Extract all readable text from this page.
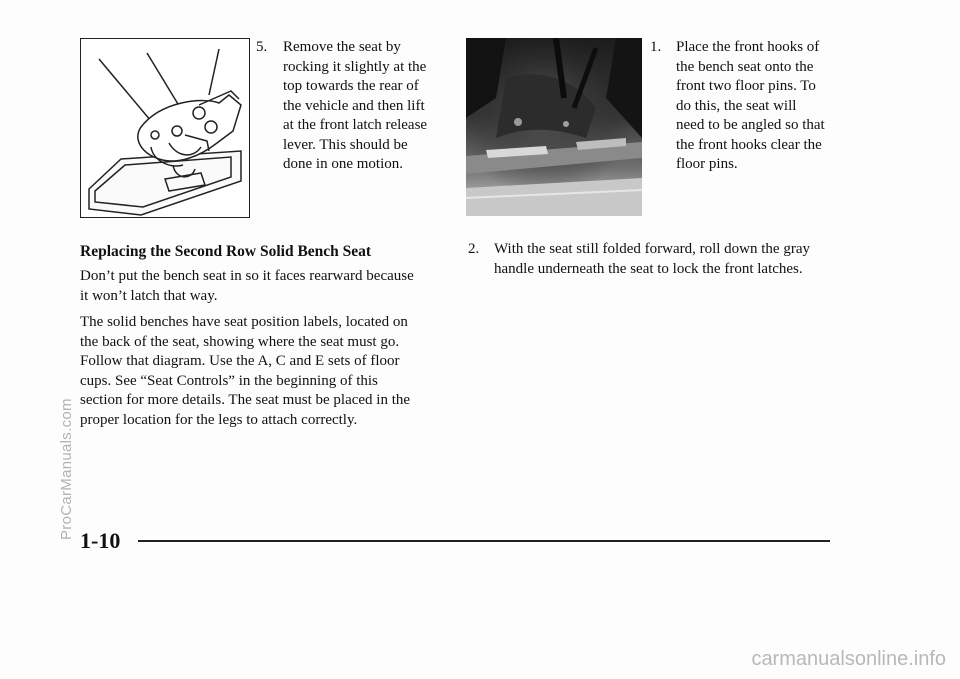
5. Remove the seat by

rocking it slightly at the

top towards the rear of

the vehicle and then lift

at the front latch release

lever. This should be

done in one motion.

Replacing the Second Row Solid Bench Seat

Don’t put the bench seat in so it faces rearward because

it won’t latch that way.

The solid benches have seat position labels, located on

the back of the seat, showing where the seat must go.

Follow that diagram. Use the A, C and E sets of floor

cups. See “Seat Controls” in the beginning of this

section for more details. The seat must be placed in the

proper location for the legs to attach correctly.

1. Place the front hooks of

the bench seat onto the

front two floor pins. To

do this, the seat will

need to be angled so that

the front hooks clear the

floor pins.

2. With the seat still folded forward, roll down the gray

handle underneath the seat to lock the front latches.

1-10

ProCarManuals.com
carmanualsonline.info
